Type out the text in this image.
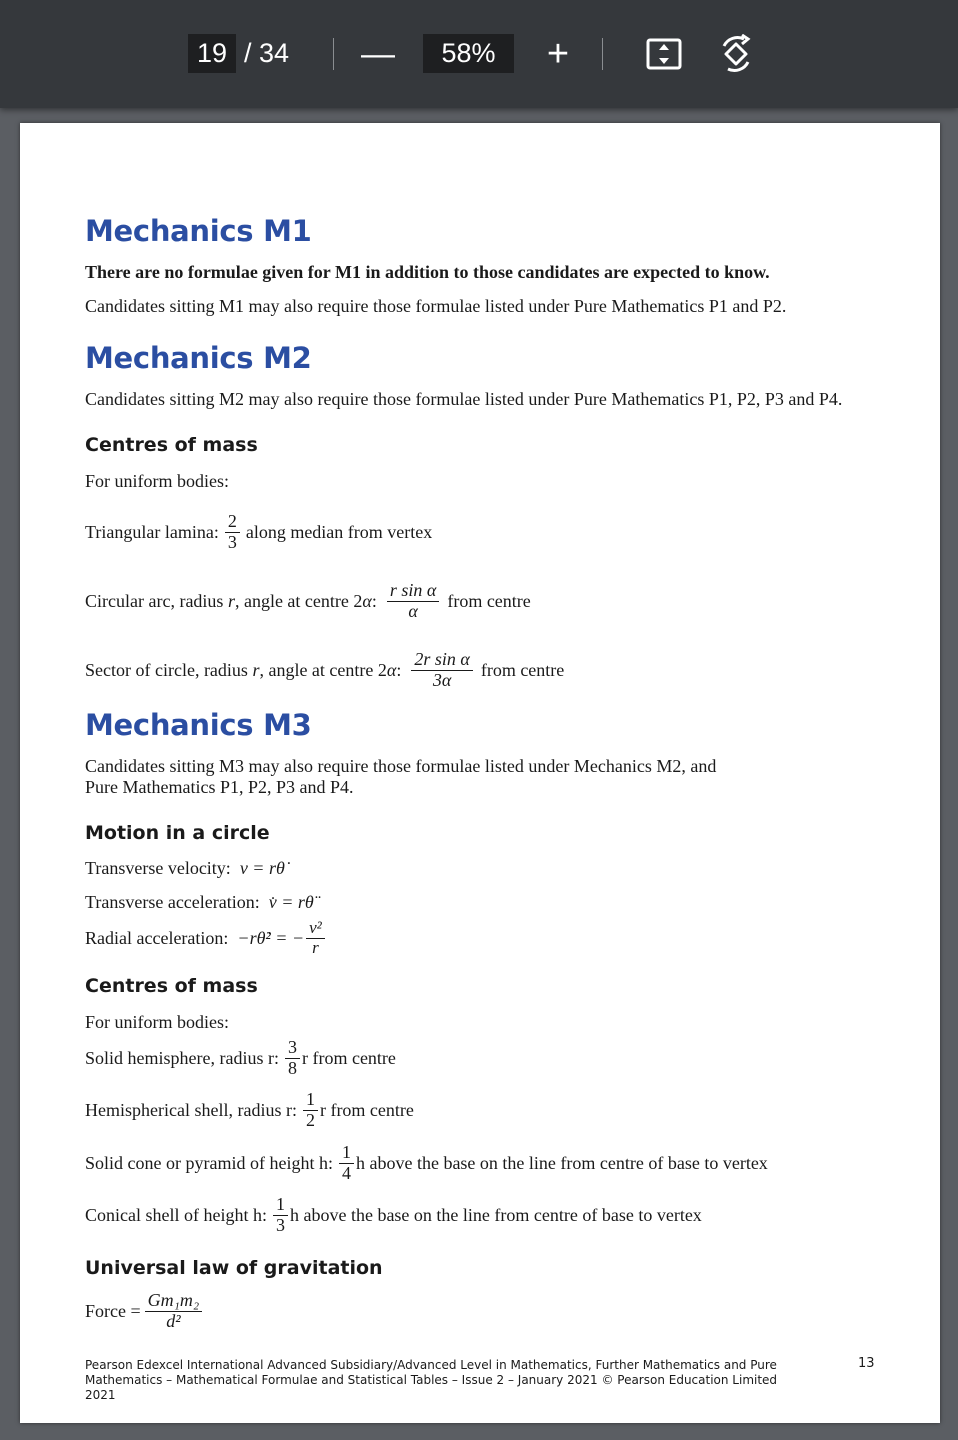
19 / 34 —	58%	+
Mechanics M1

There are no formulae given for M1 in addition to those candidates are expected to know.

Candidates sitting M1 may also require those formulae listed under Pure Mathematics P1 and P2.

Mechanics M2

Candidates sitting M2 may also require those formulae listed under Pure Mathematics P1, P2, P3 and P4.

Centres of mass

For uniform bodies:

Triangular lamina: $\frac{2}{3}$ along median from vertex
Circular arc, radius
r , angle at centre 2 α : $\frac{\text{r sin α}}{\alpha}$ from centre
Sector of circle, radius
r , angle at centre 2 α : $\frac{\text{2r sin α}}{3\alpha}$ from centre
Mechanics M3

Candidates sitting M3 may also require those formulae listed under Mechanics M2, and

Pure Mathematics P1, P2, P3 and P4.

Motion in a circle
Transverse velocity:
v = rθ̇
Transverse acceleration:
v̇ = rθ̈
Radial acceleration:
−rθ̇² = − $\frac{\text{v²}}{r}$
Centres of mass

For uniform bodies:

Solid hemisphere, radius r: $\frac{3}{8}$ r from centre
Hemispherical shell, radius r: $\frac{1}{2}$ r from centre
Solid cone or pyramid of height h: $\frac{1}{4}$ h above the base on the line from centre of base to vertex
Conical shell of height h: $\frac{1}{3}$ h above the base on the line from centre of base to vertex
Universal law of gravitation
Force = $\frac{\text{Gm₁m₂}}{\text{d²}}$
Pearson Edexcel International Advanced Subsidiary/Advanced Level in Mathematics, Further Mathematics and Pure
Mathematics – Mathematical Formulae and Statistical Tables – Issue 2 – January 2021 © Pearson Education Limited 2021
13
